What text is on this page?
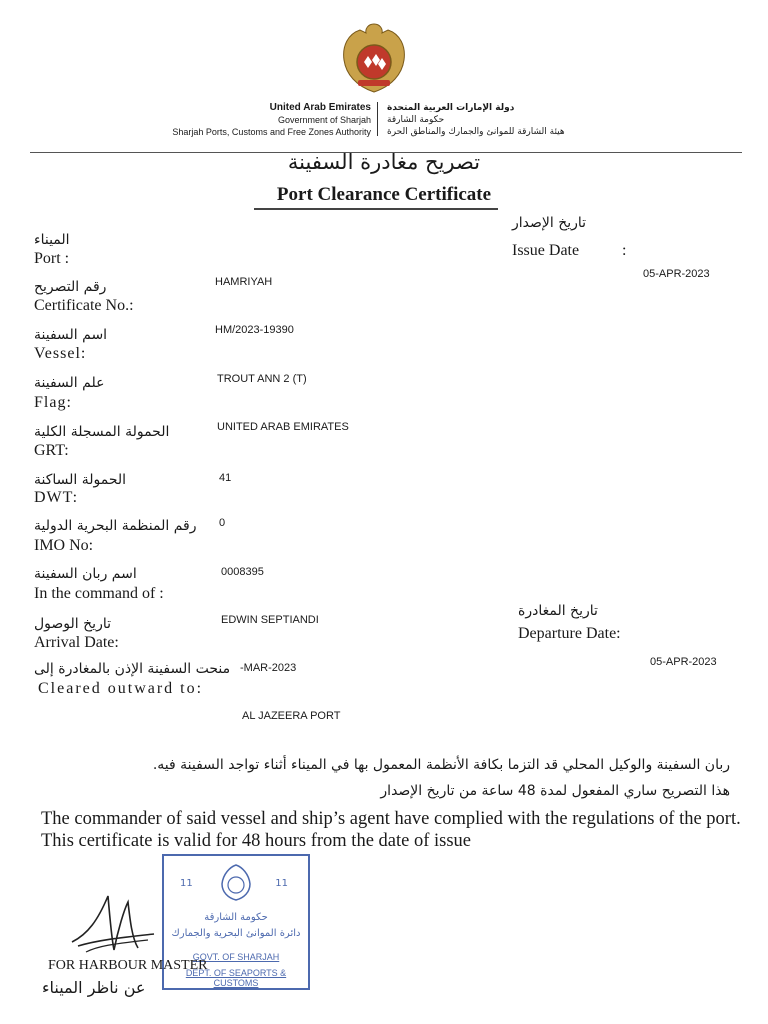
United Arab Emirates
Government of Sharjah
Sharjah Ports, Customs and Free Zones Authority
دولة الإمارات العربية المتحدة
حكومة الشارقة
هيئة الشارقة للموانئ والجمارك والمناطق الحرة
تصريح مغادرة السفينة
Port Clearance Certificate
تاريخ الإصدار
Issue Date	:
05-APR-2023
الميناء
Port :
رقم التصريح
Certificate No.:
اسم السفينة
Vessel:
علم السفينة
Flag:
الحمولة المسجلة الكلية
GRT:
الحمولة الساكنة
DWT:
رقم المنظمة البحرية الدولية
IMO No:
اسم ربان السفينة
In the command of :
تاريخ الوصول
Arrival Date:
منحت السفينة الإذن بالمغادرة إلى
Cleared outward to:
HAMRIYAH
HM/2023-19390
TROUT ANN 2 (T)
UNITED ARAB EMIRATES
41
0
0008395
EDWIN SEPTIANDI
-MAR-2023
AL JAZEERA PORT
تاريخ المغادرة
Departure Date:
05-APR-2023
ربان السفينة والوكيل المحلي قد التزما بكافة الأنظمة المعمول بها في الميناء أثناء تواجد السفينة فيه.
هذا التصريح ساري المفعول لمدة 48 ساعة من تاريخ الإصدار
The commander of said vessel and ship’s agent have complied with the regulations of the port. This certificate is valid for 48 hours from the date of issue
11	11
حكومة الشارقة
دائرة الموانئ البحرية والجمارك
GOVT. OF SHARJAH
DEPT. OF SEAPORTS & CUSTOMS
FOR HARBOUR MASTER
عن ناظر الميناء
